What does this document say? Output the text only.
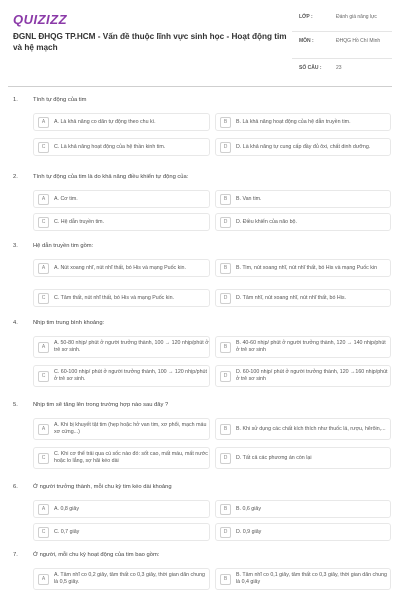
QUIZIZZ
ĐGNL ĐHQG TP.HCM - Vấn đề thuộc lĩnh vực sinh học - Hoạt động tim và hệ mạch
LỚP :	Đánh giá năng lực
MÔN :	ĐHQG Hồ Chí Minh
SỐ CÂU :	23
1.	Tính tự động của tim
A	A. Là khả năng co dãn tự động theo chu kì.	B	B. Là khả năng hoạt động của hệ dẫn truyền tim.
C	C. Là khả năng hoạt động của hệ thần kinh tim.	D	D. Là khả năng tự cung cấp đầy đủ ôxi, chất dinh dưỡng.
2.	Tính tự động của tim là do khả năng điều khiển tự động của:
A	A. Cơ tim.	B	B. Van tim.
C	C. Hệ dẫn truyền tim.	D	D. Điều khiển của não bộ.
3.	Hệ dẫn truyền tim gồm:
A	A. Nút xoang nhĩ, nút nhĩ thất, bó His và mạng Puốc kin.	B	B. Tim, nút xoang nhĩ, nút nhĩ thất, bó His và mạng Puốc kin
C	C. Tâm thất, nút nhĩ thất, bó His và mạng Puốc kin.	D	D. Tâm nhĩ, nút xoang nhĩ, nút nhĩ thất, bó His.
4.	Nhịp tim trung bình khoảng:
A
A. 50-80 nhịp/ phút ở người trưởng thành, 100 → 120 nhịp/phút ở trẻ sơ sinh.	B
B. 40-60 nhịp/ phút ở người trưởng thành, 120 → 140 nhịp/phút ở trẻ sơ sinh
C
C. 60-100 nhịp/ phút ở người trưởng thành, 100 → 120 nhịp/phút ở trẻ sơ sinh.	D
D. 60-100 nhịp/ phút ở người trưởng thành, 120 →160 nhịp/phút ở trẻ sơ sinh
5.	Nhịp tim sẽ tăng lên trong trường hợp nào sau đây ?
A
A. Khi bị khuyết tật tim (hẹp hoặc hở van tim, xơ phổi, mạch máu xơ cứng...)	B	B. Khi sử dụng các chất kích thích như thuốc lá, rượu, hêrôin,...
C
C. Khi cơ thể trải qua cú sốc nào đó: sốt cao, mất máu, mất nước hoặc lo lắng, sợ hãi kéo dài	D	D. Tất cả các phương án còn lại
6.	Ở người trưởng thành, mỗi chu kỳ tim kéo dài khoảng
A	A. 0,8 giây	B	B. 0,6 giây
C	C. 0,7 giây	D	D. 0,9 giây
7.	Ở người, mỗi chu kỳ hoạt động của tim bao gồm:
A
A. Tâm nhĩ co 0,2 giây, tâm thất co 0,3 giây, thời gian dãn chung là 0,5 giây.	B
B. Tâm nhĩ co 0,1 giây, tâm thất co 0,3 giây, thời gian dãn chung là 0,4 giây
